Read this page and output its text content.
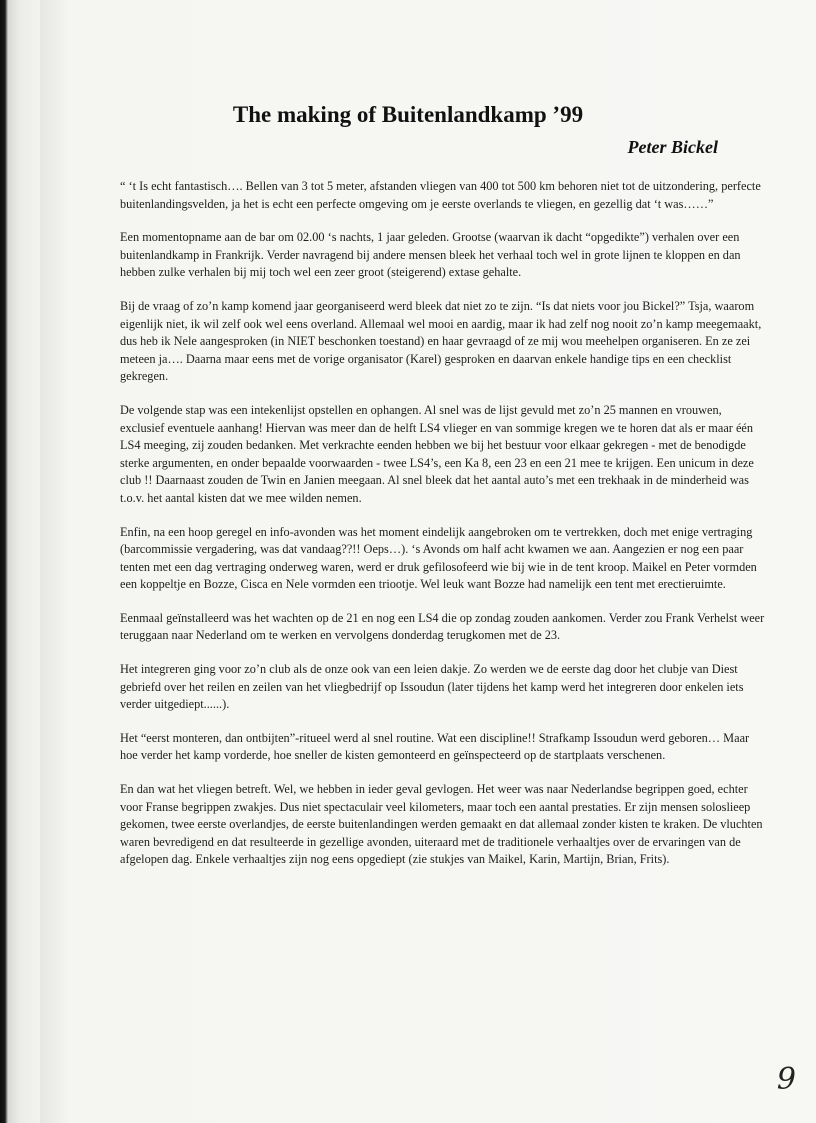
The making of Buitenlandkamp ’99

Peter Bickel

“ ‘t Is echt fantastisch…. Bellen van 3 tot 5 meter, afstanden vliegen van 400 tot 500 km behoren niet tot de uitzondering, perfecte buitenlandingsvelden, ja het is echt een perfecte omgeving om je eerste overlands te vliegen, en gezellig dat ‘t was……”

Een momentopname aan de bar om 02.00 ‘s nachts, 1 jaar geleden. Grootse (waarvan ik dacht “opgedikte”) verhalen over een buitenlandkamp in Frankrijk. Verder navragend bij andere mensen bleek het verhaal toch wel in grote lijnen te kloppen en dan hebben zulke verhalen bij mij toch wel een zeer groot (steigerend) extase gehalte.

Bij de vraag of zo’n kamp komend jaar georganiseerd werd bleek dat niet zo te zijn. “Is dat niets voor jou Bickel?” Tsja, waarom eigenlijk niet, ik wil zelf ook wel eens overland. Allemaal wel mooi en aardig, maar ik had zelf nog nooit zo’n kamp meegemaakt, dus heb ik Nele aangesproken (in NIET beschonken toestand) en haar gevraagd of ze mij wou meehelpen organiseren. En ze zei meteen ja…. Daarna maar eens met de vorige organisator (Karel) gesproken en daarvan enkele handige tips en een checklist gekregen.

De volgende stap was een intekenlijst opstellen en ophangen. Al snel was de lijst gevuld met zo’n 25 mannen en vrouwen, exclusief eventuele aanhang! Hiervan was meer dan de helft LS4 vlieger en van sommige kregen we te horen dat als er maar één LS4 meeging, zij zouden bedanken. Met verkrachte eenden hebben we bij het bestuur voor elkaar gekregen - met de benodigde sterke argumenten, en onder bepaalde voorwaarden - twee LS4’s, een Ka 8, een 23 en een 21 mee te krijgen. Een unicum in deze club !! Daarnaast zouden de Twin en Janien meegaan. Al snel bleek dat het aantal auto’s met een trekhaak in de minderheid was t.o.v. het aantal kisten dat we mee wilden nemen.

Enfin, na een hoop geregel en info-avonden was het moment eindelijk aangebroken om te vertrekken, doch met enige vertraging (barcommissie vergadering, was dat vandaag??!! Oeps…). ‘s Avonds om half acht kwamen we aan. Aangezien er nog een paar tenten met een dag vertraging onderweg waren, werd er druk gefilosofeerd wie bij wie in de tent kroop. Maikel en Peter vormden een koppeltje en Bozze, Cisca en Nele vormden een triootje. Wel leuk want Bozze had namelijk een tent met erectieruimte.

Eenmaal geïnstalleerd was het wachten op de 21 en nog een LS4 die op zondag zouden aankomen. Verder zou Frank Verhelst weer teruggaan naar Nederland om te werken en vervolgens donderdag terugkomen met de 23.

Het integreren ging voor zo’n club als de onze ook van een leien dakje. Zo werden we de eerste dag door het clubje van Diest gebriefd over het reilen en zeilen van het vliegbedrijf op Issoudun (later tijdens het kamp werd het integreren door enkelen iets verder uitgediept......).

Het “eerst monteren, dan ontbijten”-ritueel werd al snel routine. Wat een discipline!! Strafkamp Issoudun werd geboren… Maar hoe verder het kamp vorderde, hoe sneller de kisten gemonteerd en geïnspecteerd op de startplaats verschenen.

En dan wat het vliegen betreft. Wel, we hebben in ieder geval gevlogen. Het weer was naar Nederlandse begrippen goed, echter voor Franse begrippen zwakjes. Dus niet spectaculair veel kilometers, maar toch een aantal prestaties. Er zijn mensen soloslieep gekomen, twee eerste overlandjes, de eerste buitenlandingen werden gemaakt en dat allemaal zonder kisten te kraken. De vluchten waren bevredigend en dat resulteerde in gezellige avonden, uiteraard met de traditionele verhaaltjes over de ervaringen van de afgelopen dag. Enkele verhaaltjes zijn nog eens opgediept (zie stukjes van Maikel, Karin, Martijn, Brian, Frits).

9
